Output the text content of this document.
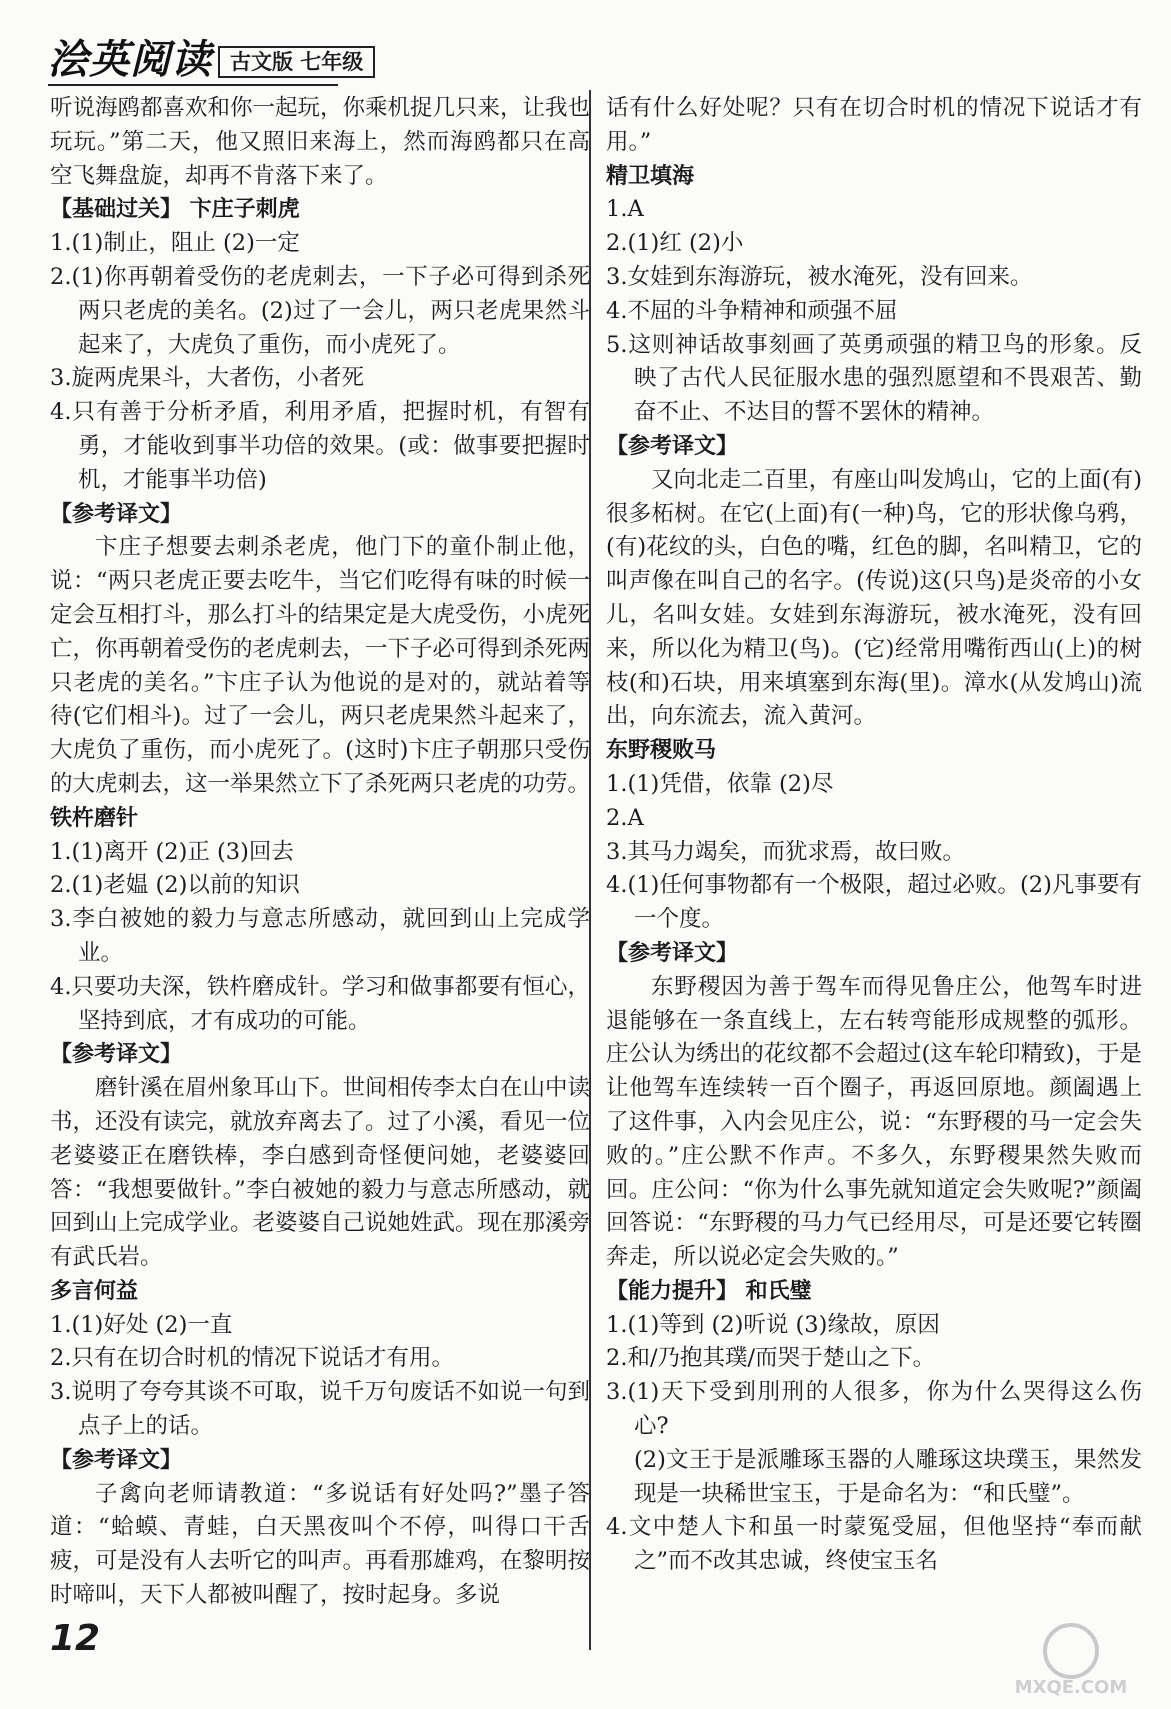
浍英阅读 古文版 七年级

听说海鸥都喜欢和你一起玩，你乘机捉几只来，让我也玩玩。”第二天，他又照旧来海上，然而海鸥都只在高空飞舞盘旋，却再不肯落下来了。

【基础过关】 卞庄子刺虎

1.(1)制止，阻止 (2)一定

2.(1)你再朝着受伤的老虎刺去，一下子必可得到杀死两只老虎的美名。(2)过了一会儿，两只老虎果然斗起来了，大虎负了重伤，而小虎死了。

3.旋两虎果斗，大者伤，小者死

4.只有善于分析矛盾，利用矛盾，把握时机，有智有勇，才能收到事半功倍的效果。(或：做事要把握时机，才能事半功倍)

【参考译文】

卞庄子想要去刺杀老虎，他门下的童仆制止他，说：“两只老虎正要去吃牛，当它们吃得有味的时候一定会互相打斗，那么打斗的结果定是大虎受伤，小虎死亡，你再朝着受伤的老虎刺去，一下子必可得到杀死两只老虎的美名。”卞庄子认为他说的是对的，就站着等待(它们相斗)。过了一会儿，两只老虎果然斗起来了，大虎负了重伤，而小虎死了。(这时)卞庄子朝那只受伤的大虎刺去，这一举果然立下了杀死两只老虎的功劳。

铁杵磨针

1.(1)离开 (2)正 (3)回去

2.(1)老媪 (2)以前的知识

3.李白被她的毅力与意志所感动，就回到山上完成学业。

4.只要功夫深，铁杵磨成针。学习和做事都要有恒心，坚持到底，才有成功的可能。

【参考译文】

磨针溪在眉州象耳山下。世间相传李太白在山中读书，还没有读完，就放弃离去了。过了小溪，看见一位老婆婆正在磨铁棒，李白感到奇怪便问她，老婆婆回答：“我想要做针。”李白被她的毅力与意志所感动，就回到山上完成学业。老婆婆自己说她姓武。现在那溪旁有武氏岩。

多言何益

1.(1)好处 (2)一直

2.只有在切合时机的情况下说话才有用。

3.说明了夸夸其谈不可取，说千万句废话不如说一句到点子上的话。

【参考译文】

子禽向老师请教道：“多说话有好处吗?”墨子答道：“蛤蟆、青蛙，白天黑夜叫个不停，叫得口干舌疲，可是没有人去听它的叫声。再看那雄鸡，在黎明按时啼叫，天下人都被叫醒了，按时起身。多说

话有什么好处呢？只有在切合时机的情况下说话才有用。”

精卫填海

1.A

2.(1)红 (2)小

3.女娃到东海游玩，被水淹死，没有回来。

4.不屈的斗争精神和顽强不屈

5.这则神话故事刻画了英勇顽强的精卫鸟的形象。反映了古代人民征服水患的强烈愿望和不畏艰苦、勤奋不止、不达目的誓不罢休的精神。

【参考译文】

又向北走二百里，有座山叫发鸠山，它的上面(有)很多柘树。在它(上面)有(一种)鸟，它的形状像乌鸦，(有)花纹的头，白色的嘴，红色的脚，名叫精卫，它的叫声像在叫自己的名字。(传说)这(只鸟)是炎帝的小女儿，名叫女娃。女娃到东海游玩，被水淹死，没有回来，所以化为精卫(鸟)。(它)经常用嘴衔西山(上)的树枝(和)石块，用来填塞到东海(里)。漳水(从发鸠山)流出，向东流去，流入黄河。

东野稷败马

1.(1)凭借，依靠 (2)尽

2.A

3.其马力竭矣，而犹求焉，故曰败。

4.(1)任何事物都有一个极限，超过必败。(2)凡事要有一个度。

【参考译文】

东野稷因为善于驾车而得见鲁庄公，他驾车时进退能够在一条直线上，左右转弯能形成规整的弧形。庄公认为绣出的花纹都不会超过(这车轮印精致)，于是让他驾车连续转一百个圈子，再返回原地。颜阖遇上了这件事，入内会见庄公，说：“东野稷的马一定会失败的。”庄公默不作声。不多久，东野稷果然失败而回。庄公问：“你为什么事先就知道定会失败呢?”颜阖回答说：“东野稷的马力气已经用尽，可是还要它转圈奔走，所以说必定会失败的。”

【能力提升】 和氏璧

1.(1)等到 (2)听说 (3)缘故，原因

2.和/乃抱其璞/而哭于楚山之下。

3.(1)天下受到刖刑的人很多，你为什么哭得这么伤心?

(2)文王于是派雕琢玉器的人雕琢这块璞玉，果然发现是一块稀世宝玉，于是命名为：“和氏璧”。

4.文中楚人卞和虽一时蒙冤受屈，但他坚持“奉而献之”而不改其忠诚，终使宝玉名

12
MXQE.COM
